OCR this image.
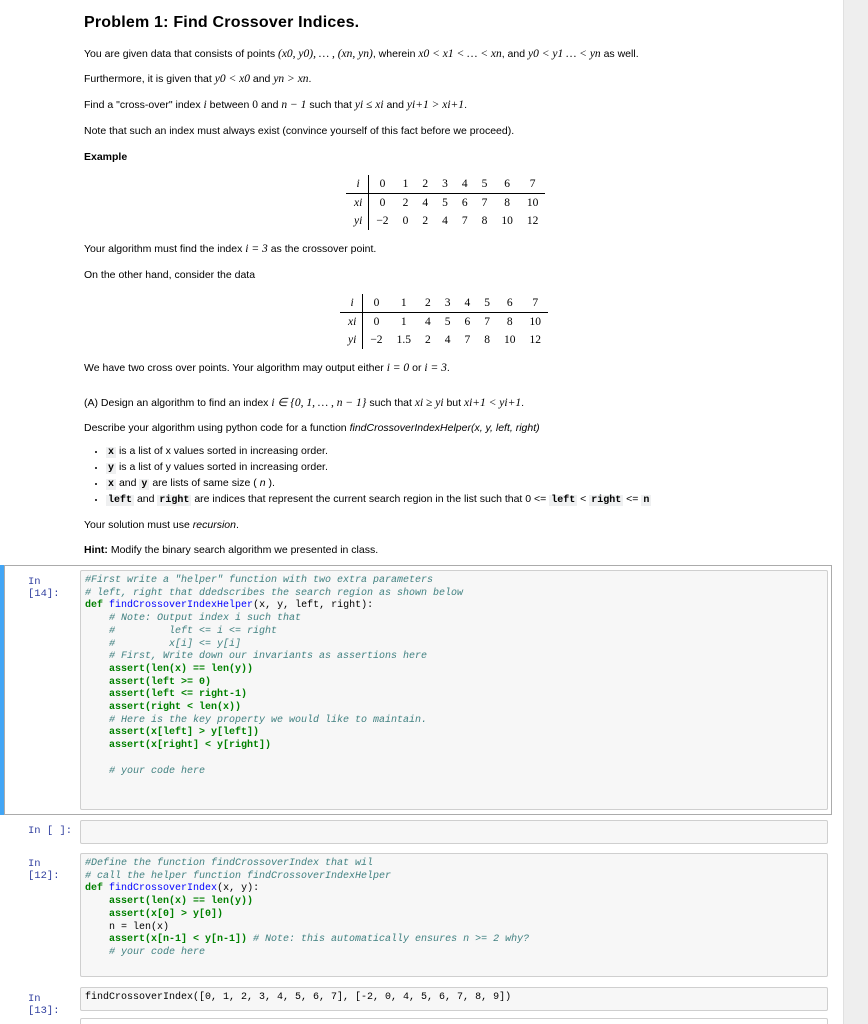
Problem 1: Find Crossover Indices.
You are given data that consists of points (x0, y0), … , (xn, yn), wherein x0 < x1 < … < xn, and y0 < y1 … < yn as well.
Furthermore, it is given that y0 < x0 and yn > xn.
Find a "cross-over" index i between 0 and n − 1 such that yi ≤ xi and yi+1 > xi+1.
Note that such an index must always exist (convince yourself of this fact before we proceed).
Example
i	0	1	2	3	4	5	6	7
xi	0	2	4	5	6	7	8	10
yi	−2	0	2	4	7	8	10	12
Your algorithm must find the index i = 3 as the crossover point.
On the other hand, consider the data
i	0	1	2	3	4	5	6	7
xi	0	1	4	5	6	7	8	10
yi	−2	1.5	2	4	7	8	10	12
We have two cross over points. Your algorithm may output either i = 0 or i = 3.
(A) Design an algorithm to find an index i ∈ {0, 1, … , n − 1} such that xi ≥ yi but xi+1 < yi+1.
Describe your algorithm using python code for a function findCrossoverIndexHelper(x, y, left, right)
• x is a list of x values sorted in increasing order.
• y is a list of y values sorted in increasing order.
• x and y are lists of same size ( n ).
• left and right are indices that represent the current search region in the list such that 0 <= left < right <= n
Your solution must use recursion.
Hint: Modify the binary search algorithm we presented in class.
In [14]:
#First write a "helper" function with two extra parameters
# left, right that ddedscribes the search region as shown below
def findCrossoverIndexHelper(x, y, left, right):
# Note: Output index i such that
#         left <= i <= right
#         x[i] <= y[i]
# First, Write down our invariants as assertions here
assert(len(x) == len(y))
assert(left >= 0)
assert(left <= right-1)
assert(right < len(x))
# Here is the key property we would like to maintain.
assert(x[left] > y[left])
assert(x[right] < y[right])

# your code here
In [ ]:
In [12]:
#Define the function findCrossoverIndex that wil
# call the helper function findCrossoverIndexHelper
def findCrossoverIndex(x, y):
assert(len(x) == len(y))
assert(x[0] > y[0])
n = len(x)
assert(x[n-1] < y[n-1]) # Note: this automatically ensures n >= 2 why?
# your code here
In [13]:
findCrossoverIndex([0, 1, 2, 3, 4, 5, 6, 7], [-2, 0, 4, 5, 6, 7, 8, 9])
